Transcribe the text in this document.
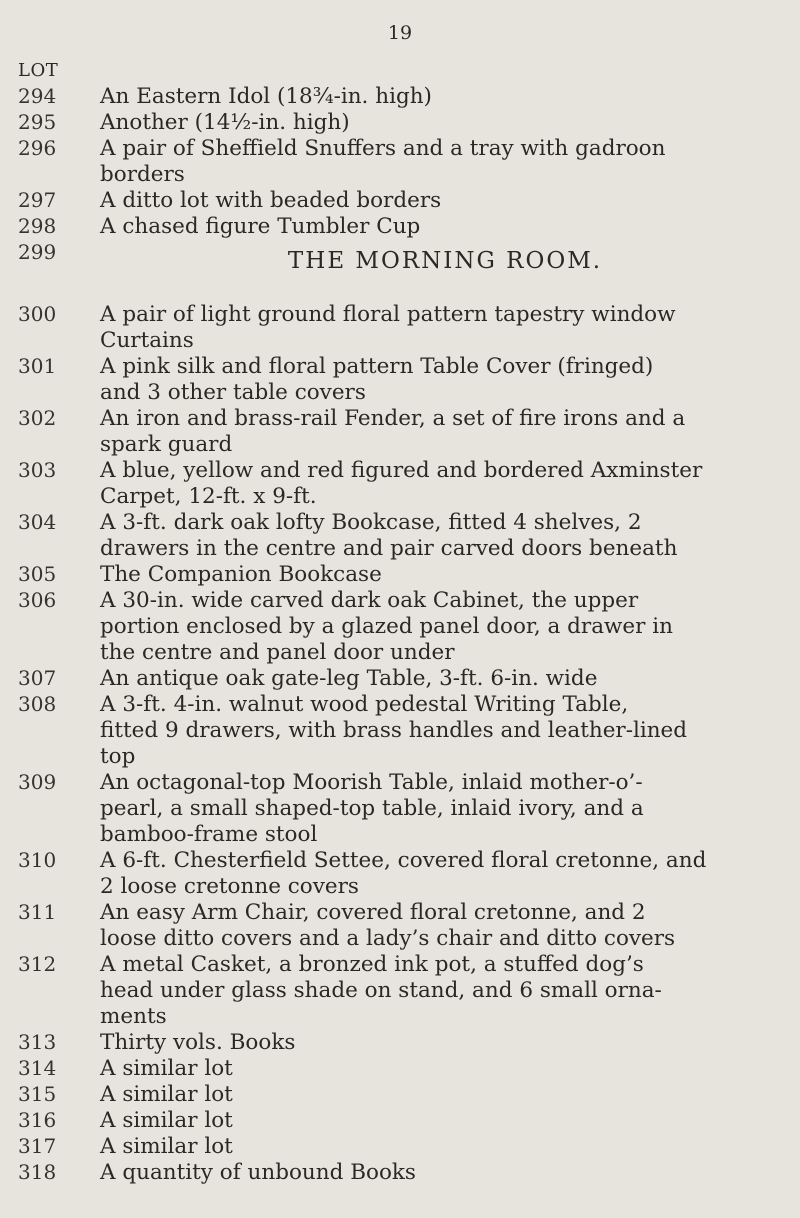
19
LOT
THE MORNING ROOM.
294 An Eastern Idol (18¾-in. high)
295 Another (14½-in. high)
296 A pair of Sheffield Snuffers and a tray with gadroon
borders
297 A ditto lot with beaded borders
298 A chased figure Tumbler Cup
299
300 A pair of light ground floral pattern tapestry window
Curtains
301 A pink silk and floral pattern Table Cover (fringed)
and 3 other table covers
302 An iron and brass-rail Fender, a set of fire irons and a
spark guard
303 A blue, yellow and red figured and bordered Axminster
Carpet, 12-ft. x 9-ft.
304 A 3-ft. dark oak lofty Bookcase, fitted 4 shelves, 2
drawers in the centre and pair carved doors beneath
305 The Companion Bookcase
306 A 30-in. wide carved dark oak Cabinet, the upper
portion enclosed by a glazed panel door, a drawer in
the centre and panel door under
307 An antique oak gate-leg Table, 3-ft. 6-in. wide
308 A 3-ft. 4-in. walnut wood pedestal Writing Table,
fitted 9 drawers, with brass handles and leather-lined
top
309 An octagonal-top Moorish Table, inlaid mother-o’-
pearl, a small shaped-top table, inlaid ivory, and a
bamboo-frame stool
310 A 6-ft. Chesterfield Settee, covered floral cretonne, and
2 loose cretonne covers
311 An easy Arm Chair, covered floral cretonne, and 2
loose ditto covers and a lady’s chair and ditto covers
312 A metal Casket, a bronzed ink pot, a stuffed dog’s
head under glass shade on stand, and 6 small orna-
ments
313 Thirty vols. Books
314 A similar lot
315 A similar lot
316 A similar lot
317 A similar lot
318 A quantity of unbound Books
